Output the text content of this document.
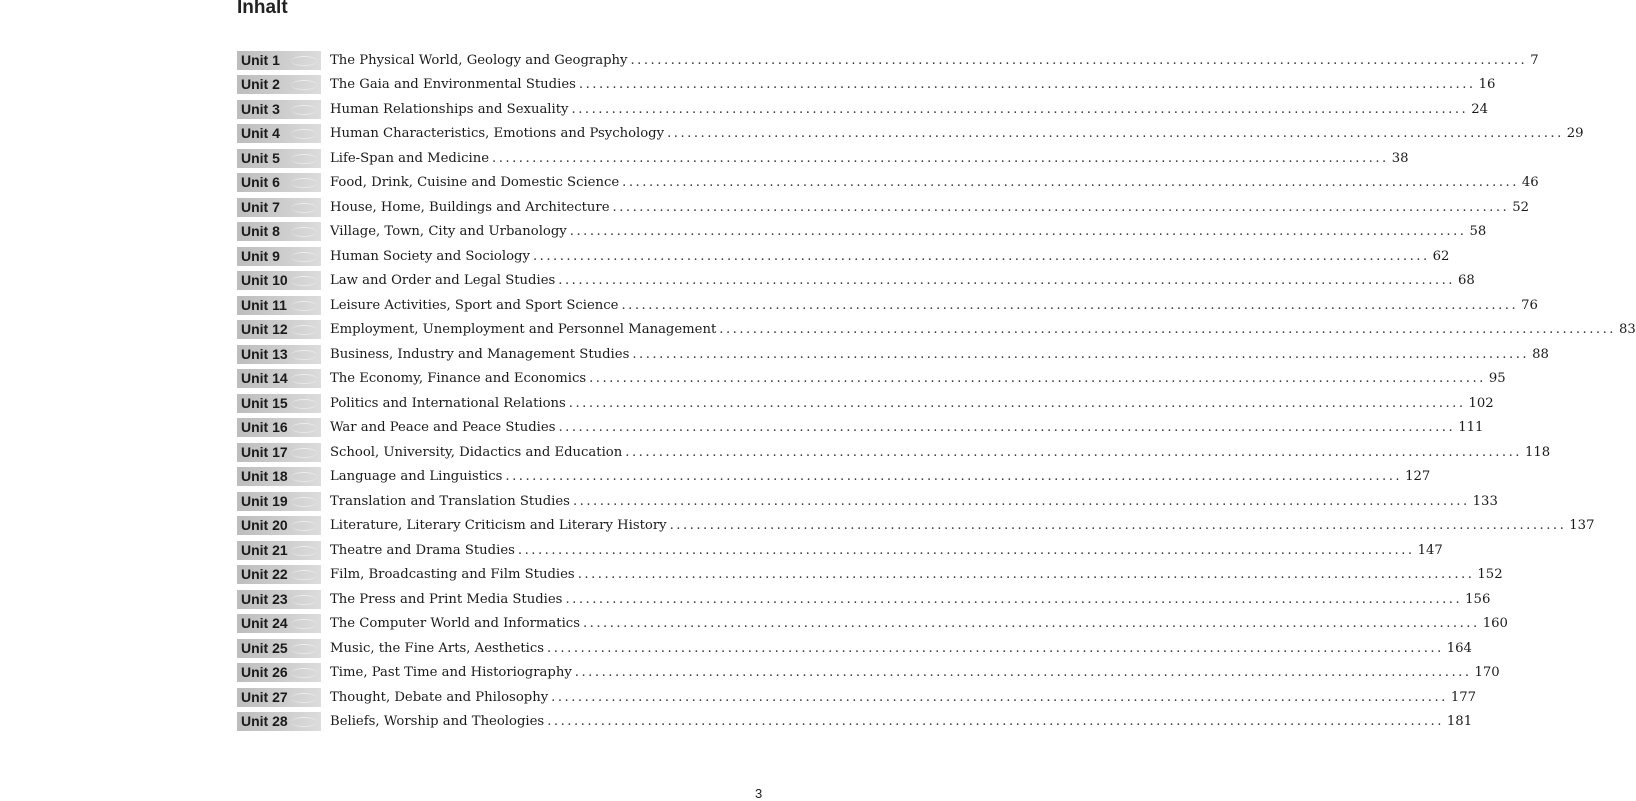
Inhalt
Unit 1	The Physical World, Geology and Geography ...................................................................................................................................... 7
Unit 2	The Gaia and Environmental Studies ...................................................................................................................................... 16
Unit 3	Human Relationships and Sexuality ...................................................................................................................................... 24
Unit 4	Human Characteristics, Emotions and Psychology ...................................................................................................................................... 29
Unit 5	Life-Span and Medicine ...................................................................................................................................... 38
Unit 6	Food, Drink, Cuisine and Domestic Science ...................................................................................................................................... 46
Unit 7	House, Home, Buildings and Architecture ...................................................................................................................................... 52
Unit 8	Village, Town, City and Urbanology ...................................................................................................................................... 58
Unit 9	Human Society and Sociology ...................................................................................................................................... 62
Unit 10	Law and Order and Legal Studies ...................................................................................................................................... 68
Unit 11	Leisure Activities, Sport and Sport Science ...................................................................................................................................... 76
Unit 12	Employment, Unemployment and Personnel Management ...................................................................................................................................... 83
Unit 13	Business, Industry and Management Studies ...................................................................................................................................... 88
Unit 14	The Economy, Finance and Economics ...................................................................................................................................... 95
Unit 15	Politics and International Relations ...................................................................................................................................... 102
Unit 16	War and Peace and Peace Studies ...................................................................................................................................... 111
Unit 17	School, University, Didactics and Education ...................................................................................................................................... 118
Unit 18	Language and Linguistics ...................................................................................................................................... 127
Unit 19	Translation and Translation Studies ...................................................................................................................................... 133
Unit 20	Literature, Literary Criticism and Literary History ...................................................................................................................................... 137
Unit 21	Theatre and Drama Studies ...................................................................................................................................... 147
Unit 22	Film, Broadcasting and Film Studies ...................................................................................................................................... 152
Unit 23	The Press and Print Media Studies ...................................................................................................................................... 156
Unit 24	The Computer World and Informatics ...................................................................................................................................... 160
Unit 25	Music, the Fine Arts, Aesthetics ...................................................................................................................................... 164
Unit 26	Time, Past Time and Historiography ...................................................................................................................................... 170
Unit 27	Thought, Debate and Philosophy ...................................................................................................................................... 177
Unit 28	Beliefs, Worship and Theologies ...................................................................................................................................... 181
3
